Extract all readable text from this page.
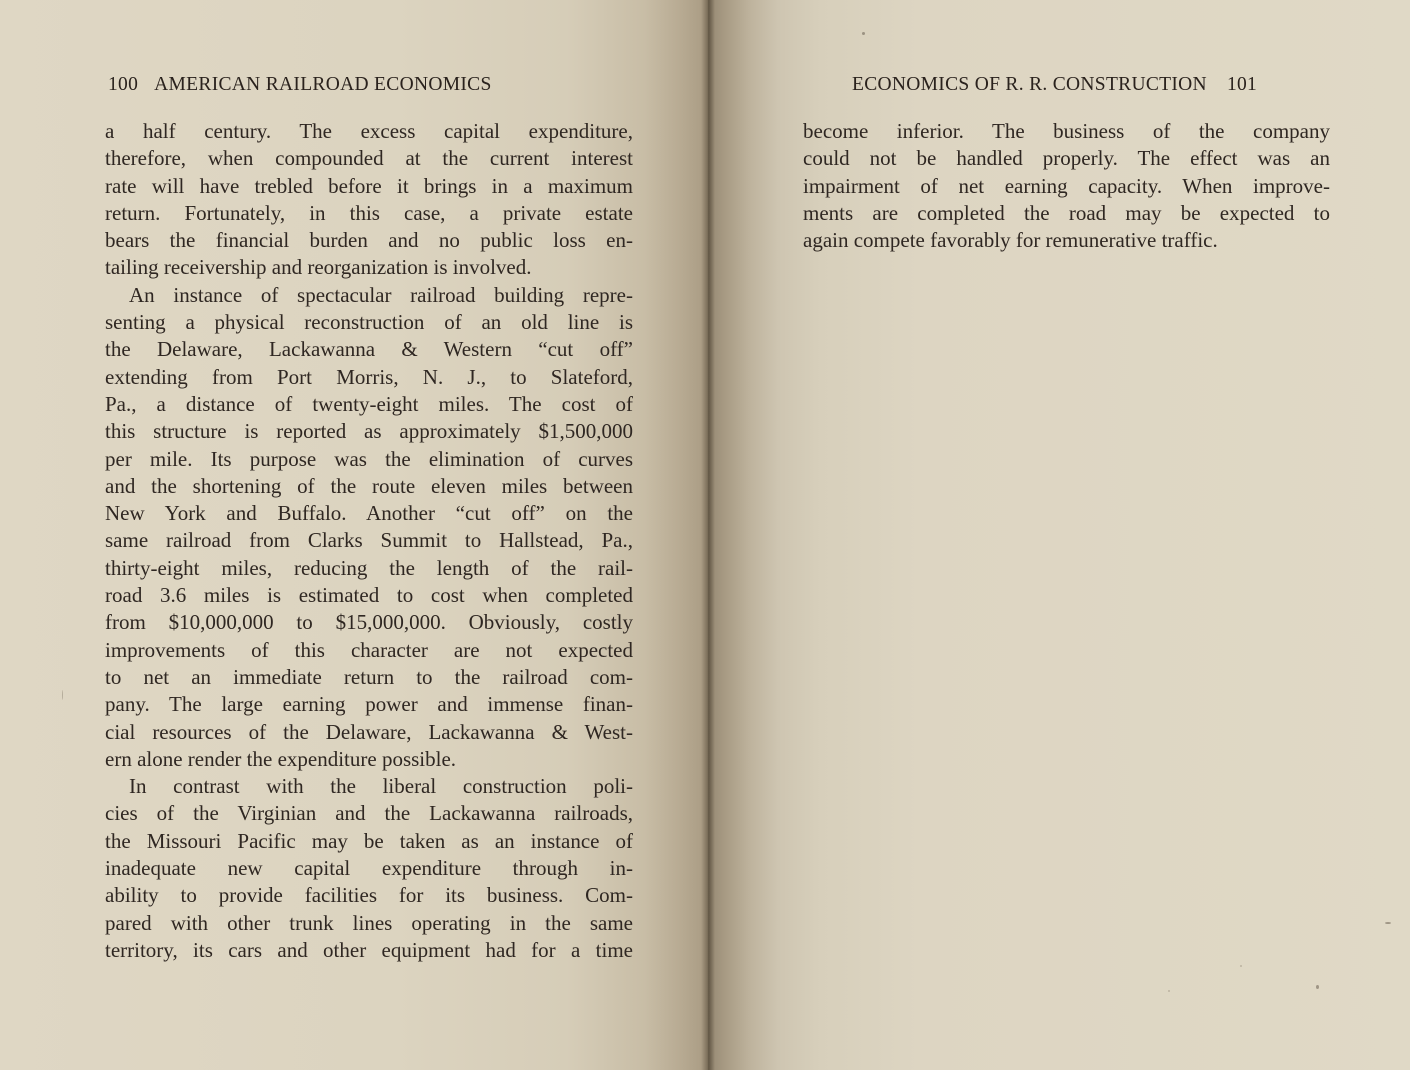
100 AMERICAN RAILROAD ECONOMICS
a half century. The excess capital expenditure,
therefore, when compounded at the current interest
rate will have trebled before it brings in a maximum
return. Fortunately, in this case, a private estate
bears the financial burden and no public loss en-
tailing receivership and reorganization is involved.
An instance of spectacular railroad building repre-
senting a physical reconstruction of an old line is
the Delaware, Lackawanna & Western “cut off”
extending from Port Morris, N. J., to Slateford,
Pa., a distance of twenty-eight miles. The cost of
this structure is reported as approximately $1,500,000
per mile. Its purpose was the elimination of curves
and the shortening of the route eleven miles between
New York and Buffalo. Another “cut off” on the
same railroad from Clarks Summit to Hallstead, Pa.,
thirty-eight miles, reducing the length of the rail-
road 3.6 miles is estimated to cost when completed
from $10,000,000 to $15,000,000. Obviously, costly
improvements of this character are not expected
to net an immediate return to the railroad com-
pany. The large earning power and immense finan-
cial resources of the Delaware, Lackawanna & West-
ern alone render the expenditure possible.
In contrast with the liberal construction poli-
cies of the Virginian and the Lackawanna railroads,
the Missouri Pacific may be taken as an instance of
inadequate new capital expenditure through in-
ability to provide facilities for its business. Com-
pared with other trunk lines operating in the same
territory, its cars and other equipment had for a time
ECONOMICS OF R. R. CONSTRUCTION 101
become inferior. The business of the company
could not be handled properly. The effect was an
impairment of net earning capacity. When improve-
ments are completed the road may be expected to
again compete favorably for remunerative traffic.
